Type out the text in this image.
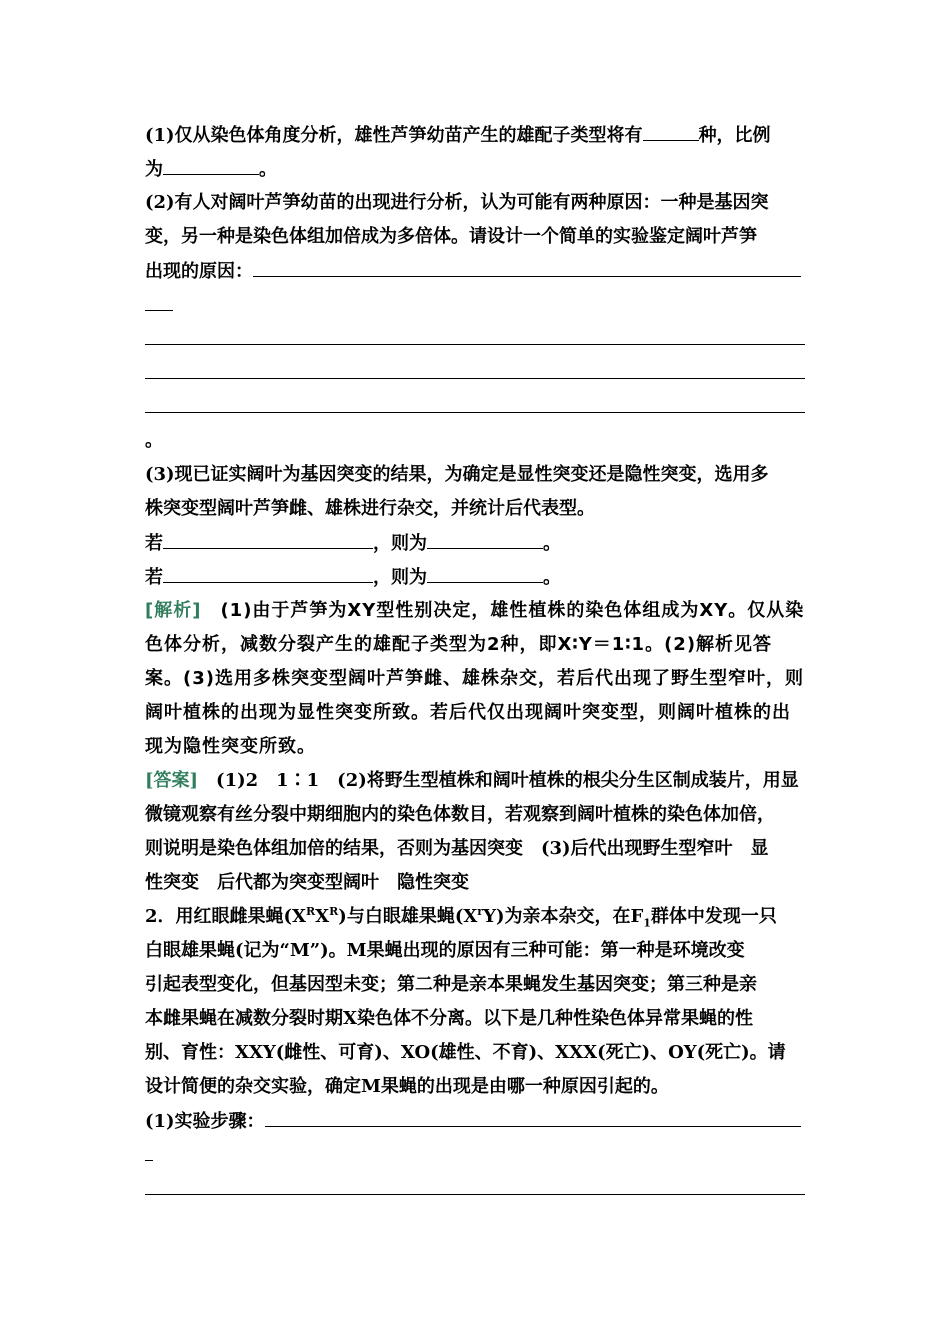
(1)仅从染色体角度分析，雄性芦笋幼苗产生的雄配子类型将有	种，比例
为	。
(2)有人对阔叶芦笋幼苗的出现进行分析，认为可能有两种原因：一种是基因突
变，另一种是染色体组加倍成为多倍体。请设计一个简单的实验鉴定阔叶芦笋
出现的原因：
。
(3)现已证实阔叶为基因突变的结果，为确定是显性突变还是隐性突变，选用多
株突变型阔叶芦笋雌、雄株进行杂交，并统计后代表型。
若	，则为	。
若	，则为	。
[解析]　 (1)由于芦笋为XY型性别决定，雄性植株的染色体组成为XY。仅从染
色体分析，减数分裂产生的雄配子类型为2种，即X∶Y＝1∶1。(2)解析见答
案。(3)选用多株突变型阔叶芦笋雌、雄株杂交，若后代出现了野生型窄叶，则
阔叶植株的出现为显性突变所致。若后代仅出现阔叶突变型，则阔叶植株的出
现为隐性突变所致。
[答案]　 (1)2　1∶1　(2)将野生型植株和阔叶植株的根尖分生区制成装片，用显
微镜观察有丝分裂中期细胞内的染色体数目，若观察到阔叶植株的染色体加倍，
则说明是染色体组加倍的结果，否则为基因突变　(3)后代出现野生型窄叶　显
性突变　后代都为突变型阔叶　隐性突变
2．用红眼雌果蝇$(X^RX^R)$与白眼雄果蝇$(X^rY)$为亲本杂交，在$F_1$群体中发现一只
白眼雄果蝇(记为“M”)。M果蝇出现的原因有三种可能：第一种是环境改变
引起表型变化，但基因型未变；第二种是亲本果蝇发生基因突变；第三种是亲
本雌果蝇在减数分裂时期X染色体不分离。以下是几种性染色体异常果蝇的性
别、育性：XXY(雌性、可育)、XO(雄性、不育)、XXX(死亡)、OY(死亡)。请
设计简便的杂交实验，确定M果蝇的出现是由哪一种原因引起的。
(1)实验步骤：
